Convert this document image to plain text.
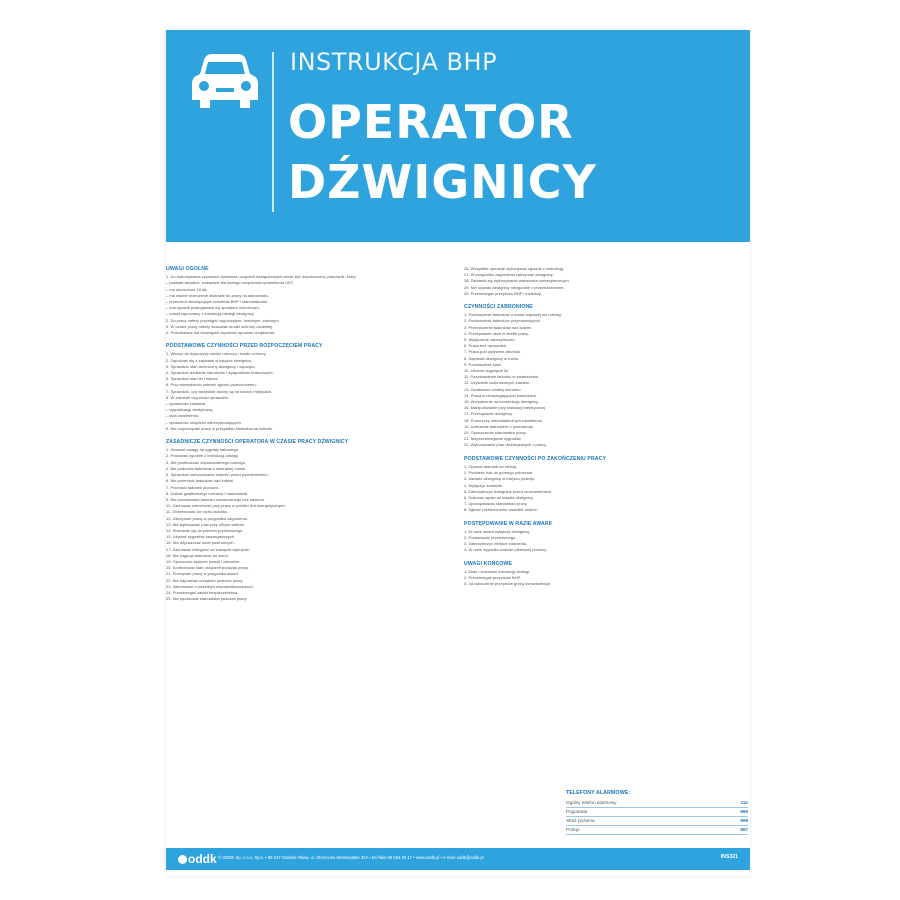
INSTRUKCJA BHP
OPERATOR
DŹWIGNICY
UWAGI OGÓLNE
1. Do wykonywania czynności operatora urządzeń dźwignicowych może być dopuszczony pracownik, który:
– posiada aktualne, wskazane dla danego urządzenia uprawnienia UDT,
– ma ukończone 18 lat,
– ma ważne orzeczenie lekarskie do pracy na stanowisku,
– przeszedł obowiązujące szkolenia BHP i stanowiskowe,
– zna sposób posługiwania się sprzętem ochronnym,
– został zapoznany z instrukcją obsługi dźwignicy.
2. Do pracy należy przystąpić wypoczętym, trzeźwym, zdrowym.
3. W czasie pracy należy stosować środki ochrony osobistej.
4. Pracodawca ma obowiązek zapewnić sprawne urządzenia.
PODSTAWOWE CZYNNOŚCI PRZED ROZPOCZĘCIEM PRACY
1. Włożyć do dyspozycji odzież roboczą i środki ochrony.
2. Zapoznać się z zapisami w książce dźwignicy.
3. Sprawdzić stan techniczny dźwignicy i osprzętu.
4. Sprawdzić działanie hamulców i wyłączników krańcowych.
5. Sprawdzić stan lin i haków.
6. Przy stwierdzeniu usterek zgłosić przełożonemu.
7. Sprawdzić, czy wszystkie osłony są na swoich miejscach.
8. W zakresie czynności sprawdzić:
– sprawność zasilania,
– sygnalizację dźwiękową,
– stan oświetlenia,
– sprawność urządzeń zabezpieczających.
9. Nie rozpoczynać pracy w przypadku stwierdzenia usterek.
ZASADNICZE CZYNNOŚCI OPERATORA W CZASIE PRACY DŹWIGNICY
1. Zwracać uwagę na sygnały hakowego.
2. Pracować zgodnie z instrukcją obsługi.
3. Nie przekraczać dopuszczalnego udźwigu.
4. Nie podnosić ładunków o nieznanej masie.
5. Sprawdzić zamocowanie ładunku przed podniesieniem.
6. Nie przenosić ładunków nad ludźmi.
7. Podnosić ładunek pionowo.
8. Unikać gwałtownego ruszania i hamowania.
9. Nie pozostawiać ładunku zawieszonego bez nadzoru.
10. Zachować ostrożność przy pracy w pobliżu linii energetycznych.
11. Obserwować tor ruchu ładunku.
12. Zatrzymać pracę w przypadku zagrożenia.
13. Nie wykonywać prac przy silnym wietrze.
14. Stosować się do poleceń przełożonego.
15. Używać sygnałów ostrzegawczych.
16. Nie dopuszczać osób postronnych.
17. Zachować odległość od krawędzi wykopów.
18. Nie ciągnąć ładunków po ziemi.
19. Opuszczać ładunek powoli i ostrożnie.
20. Kontrolować stan urządzeń podczas pracy.
21. Przerywać pracę w przypadku awarii.
22. Nie naprawiać urządzeń podczas pracy.
23. Informować o wszelkich nieprawidłowościach.
24. Przestrzegać zasad bezpieczeństwa.
25. Nie opuszczać stanowiska podczas pracy.
26. Wszystkie operacje wykonywać zgodnie z instrukcją.
27. W przypadku zagrożenia zatrzymać dźwignicę.
28. Zabrania się wykonywania manewrów niebezpiecznych.
29. Nie używać dźwignicy niezgodnie z przeznaczeniem.
30. Przestrzegać przepisów BHP i instrukcji.
CZYNNOŚCI ZABRONIONE
1. Podnoszenie ładunków o masie większej niż udźwig.
2. Podnoszenie ładunków przymarzniętych.
3. Przenoszenie ładunków nad ludźmi.
4. Przebywanie osób w strefie pracy.
5. Wyłączanie zabezpieczeń.
6. Praca bez uprawnień.
7. Praca pod wpływem alkoholu.
8. Naprawa dźwignicy w ruchu.
9. Podnoszenie ludzi.
10. Ukośne ciągnięcie lin.
11. Pozostawienie ładunku w zawieszeniu.
12. Używanie uszkodzonych zawiesi.
13. Gwałtowne zmiany kierunku.
14. Praca w niesprzyjających warunkach.
15. Wchodzenie na konstrukcję dźwignicy.
16. Manipulowanie przy instalacji elektrycznej.
17. Przeciążanie dźwignicy.
18. Praca przy niedostatecznym oświetleniu.
19. Uderzanie ładunkiem o przeszkody.
20. Opuszczanie stanowiska pracy.
21. Nieprzestrzeganie sygnałów.
22. Wykonywanie prac niezwiązanych z pracą.
PODSTAWOWE CZYNNOŚCI PO ZAKOŃCZENIU PRACY
1. Opuścić ładunek na ziemię.
2. Podnieść hak do górnego położenia.
3. Ustawić dźwignicę w miejscu postoju.
4. Wyłączyć zasilanie.
5. Zabezpieczyć dźwignicę przed uruchomieniem.
6. Dokonać wpisu do książki dźwignicy.
7. Uporządkować stanowisko pracy.
8. Zgłosić przełożonemu wszelkie usterki.
POSTĘPOWANIE W RAZIE AWARII
1. W razie awarii wyłączyć dźwignicę.
2. Powiadomić przełożonego.
3. Zabezpieczyć miejsce zdarzenia.
4. W razie wypadku udzielić pierwszej pomocy.
UWAGI KOŃCOWE
1. Znać i stosować instrukcję obsługi.
2. Przestrzegać przepisów BHP.
3. Za naruszenie przepisów grożą konsekwencje.
TELEFONY ALARMOWE:
Ogólny telefon alarmowy	112
Pogotowie	999
Straż pożarna	998
Policja	997
oddk © ODDK Sp. z o.o. Sp.k. • 80-317 Gdańsk-Oliwa, ul. Obrońców Westerplatte 32A • tel./faks 58 554 29 17 • www.oddk.pl • e-mail: oddk@oddk.pl	INS321
